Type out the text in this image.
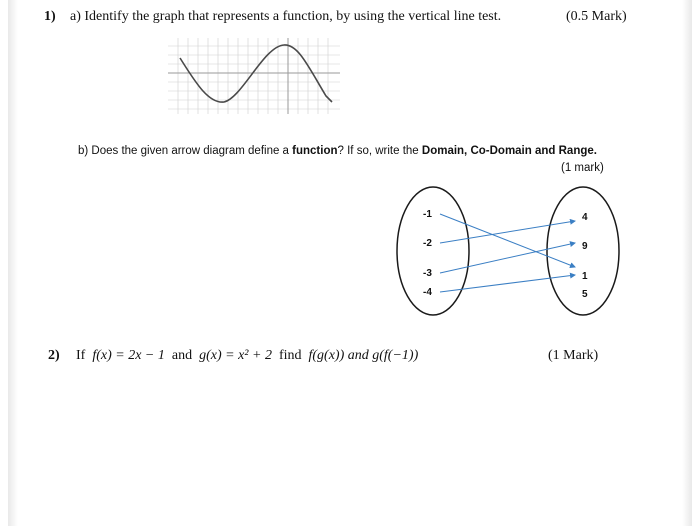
1) a) Identify the graph that represents a function, by using the vertical line test.	(0.5 Mark)
b) Does the given arrow diagram define a function? If so, write the Domain, Co-Domain and Range.
(1 mark)
-1
-2
-3
-4
4
9
1
5
2) If f(x) = 2x − 1 and g(x) = x² + 2 find f(g(x)) and g(f(−1))	(1 Mark)
